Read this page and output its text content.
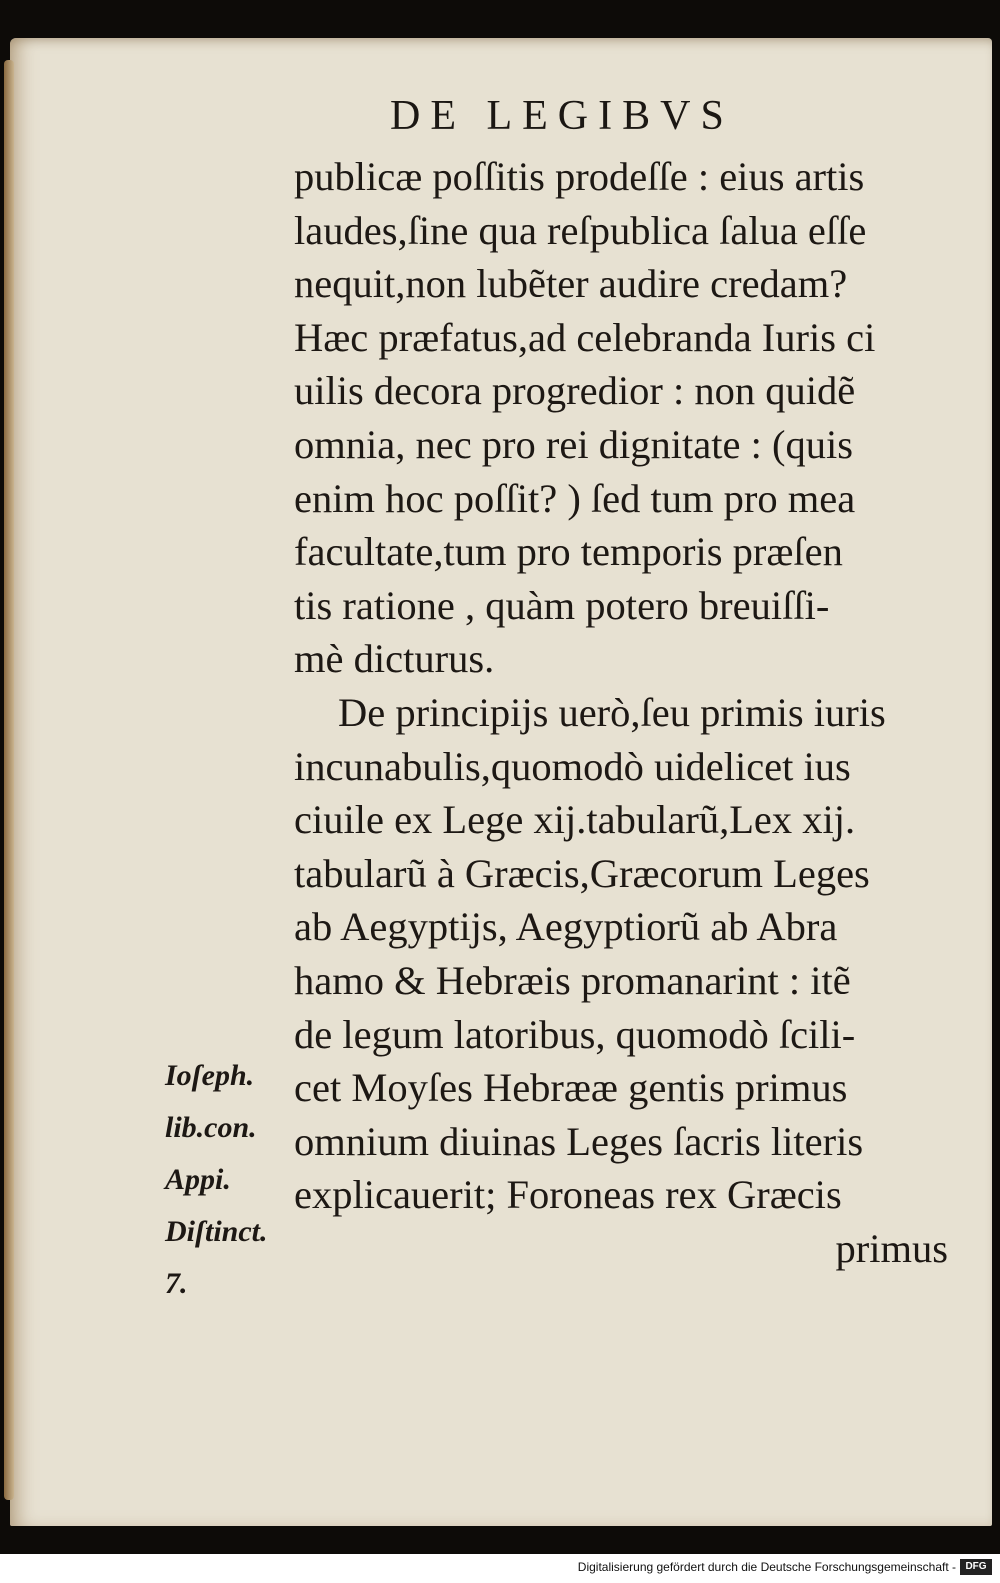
DE LEGIBVS
publicæ poſſitis prodeſſe : eius artis
laudes,ſine qua reſpublica ſalua eſſe
nequit,non lubẽter audire credam?
Hæc præfatus,ad celebranda Iuris ci
uilis decora progredior : non quidẽ
omnia, nec pro rei dignitate : (quis
enim hoc poſſit? ) ſed tum pro mea
facultate,tum pro temporis præſen
tis ratione , quàm potero breuiſſi-
mè dicturus.
De principijs uerò,ſeu primis iuris
incunabulis,quomodò uidelicet ius
ciuile ex Lege xij.tabularũ,Lex xij.
tabularũ à Græcis,Græcorum Leges
ab Aegyptijs, Aegyptiorũ ab Abra
hamo & Hebræis promanarint : itẽ
de legum latoribus, quomodò ſcili-
cet Moyſes Hebrææ gentis primus
omnium diuinas Leges ſacris literis
explicauerit; Foroneas rex Græcis
primus
Ioſeph.
lib.con.
Appi.
Diſtinct.
7.
Digitalisierung gefördert durch die Deutsche Forschungsgemeinschaft - DFG
